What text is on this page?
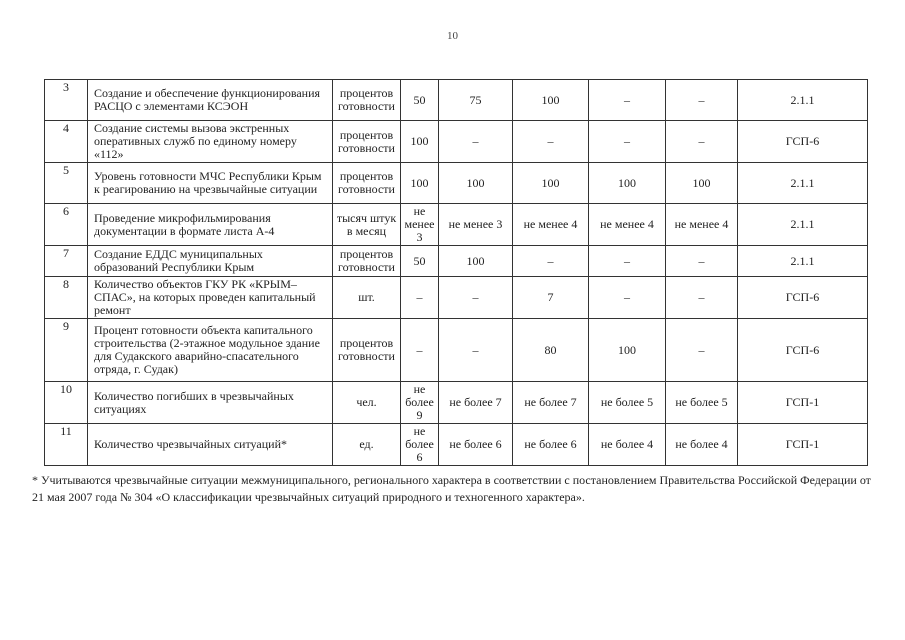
10
3	Создание и обеспечение функционирования РАСЦО с элементами КСЭОН	процентов готовности	50	75	100	–	–	2.1.1
4	Создание системы вызова экстренных оперативных служб по единому номеру «112»	процентов готовности	100	–	–	–	–	ГСП-6
5	Уровень готовности МЧС Республики Крым к реагированию на чрезвычайные ситуации	процентов готовности	100	100	100	100	100	2.1.1
6	Проведение микрофильмирования документации в формате листа А-4	тысяч штук в месяц	не менее 3	не менее 3	не менее 4	не менее 4	не менее 4	2.1.1
7	Создание ЕДДС муниципальных образований Республики Крым	процентов готовности	50	100	–	–	–	2.1.1
8	Количество объектов ГКУ РК «КРЫМ–СПАС», на которых проведен капитальный ремонт	шт.	–	–	7	–	–	ГСП-6
9	Процент готовности объекта капитального строительства (2-этажное модульное здание для Судакского аварийно-спасательного отряда, г. Судак)	процентов готовности	–	–	80	100	–	ГСП-6
10	Количество погибших в чрезвычайных ситуациях	чел.	не более 9	не более 7	не более 7	не более 5	не более 5	ГСП-1
11	Количество чрезвычайных ситуаций*	ед.	не более 6	не более 6	не более 6	не более 4	не более 4	ГСП-1
* Учитываются чрезвычайные ситуации межмуниципального, регионального характера в соответствии с постановлением Правительства Российской Федерации от 21 мая 2007 года № 304 «О классификации чрезвычайных ситуаций природного и техногенного характера».
